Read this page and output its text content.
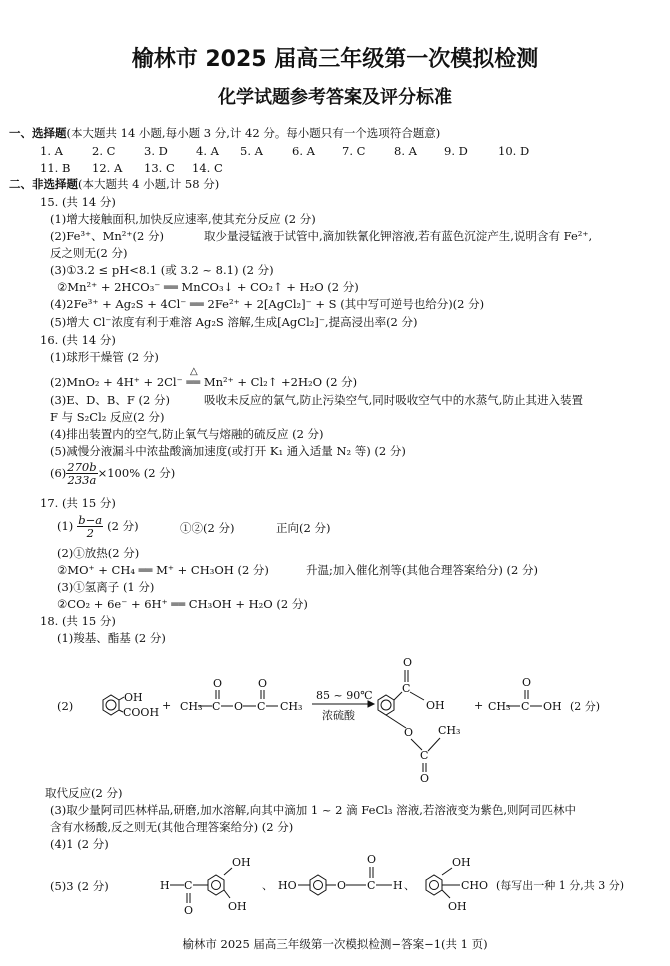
榆林市 2025 届高三年级第一次模拟检测
化学试题参考答案及评分标准
一、选择题(本大题共 14 小题,每小题 3 分,计 42 分。每小题只有一个选项符合题意)
1. A	2. C 3. D 4. A 5. A	6. A 7. C 8. A 9. D	10. D
11. B 12. A 13. C 14. C
二、非选择题(本大题共 4 小题,计 58 分)
15. (共 14 分)
(1)增大接触面积,加快反应速率,使其充分反应 (2 分)
(2)Fe³⁺、Mn²⁺(2 分)	取少量浸锰液于试管中,滴加铁氰化钾溶液,若有蓝色沉淀产生,说明含有 Fe²⁺,
反之则无(2 分)
(3)①3.2 ≤ pH<8.1 (或 3.2 ~ 8.1) (2 分)
②Mn²⁺ + 2HCO₃⁻ ══ MnCO₃↓ + CO₂↑ + H₂O (2 分)
(4)2Fe³⁺ + Ag₂S + 4Cl⁻ ══ 2Fe²⁺ + 2[AgCl₂]⁻ + S (其中写可逆号也给分)(2 分)
(5)增大 Cl⁻浓度有利于难溶 Ag₂S 溶解,生成[AgCl₂]⁻,提高浸出率(2 分)
16. (共 14 分)
(1)球形干燥管 (2 分)
△
(2)MnO₂ + 4H⁺ + 2Cl⁻ ══ Mn²⁺ + Cl₂↑ +2H₂O (2 分)
(3)E、D、B、F (2 分)	吸收未反应的氯气,防止污染空气,同时吸收空气中的水蒸气,防止其进入装置
F 与 S₂Cl₂ 反应(2 分)
(4)排出装置内的空气,防止氧气与熔融的硫反应 (2 分)
(5)减慢分液漏斗中浓盐酸滴加速度(或打开 K₁ 通入适量 N₂ 等) (2 分)
$(6) \frac{270b}{233a} \times 100\%$ (2 分)
17. (共 15 分)
$(1) \frac{b-a}{2} (2$ 分)	①②(2 分)	正向(2 分)
(2)①放热(2 分)
②MO⁺ + CH₄ ══ M⁺ + CH₃OH (2 分)	升温;加入催化剂等(其他合理答案给分) (2 分)
(3)①氢离子 (1 分)
②CO₂ + 6e⁻ + 6H⁺ ══ CH₃OH + H₂O (2 分)
18. (共 15 分)
(1)羧基、酯基 (2 分)
(2)
OH
COOH
+ CH₃ C
O
O C
O
CH₃
85 ~ 90℃
浓硫酸
C
O
OH
O
C
CH₃
O
+ CH₃ C
O
OH (2 分)
取代反应(2 分)
(3)取少量阿司匹林样品,研磨,加水溶解,向其中滴加 1 ~ 2 滴 FeCl₃ 溶液,若溶液变为紫色,则阿司匹林中
含有水杨酸,反之则无(其他合理答案给分) (2 分)
(4)1 (2 分)
(5)3 (2 分)	H C
O
OH
OH
、 HO	O C
O
H 、
OH
OH
CHO (每写出一种 1 分,共 3 分)
榆林市 2025 届高三年级第一次模拟检测−答案−1(共 1 页)
